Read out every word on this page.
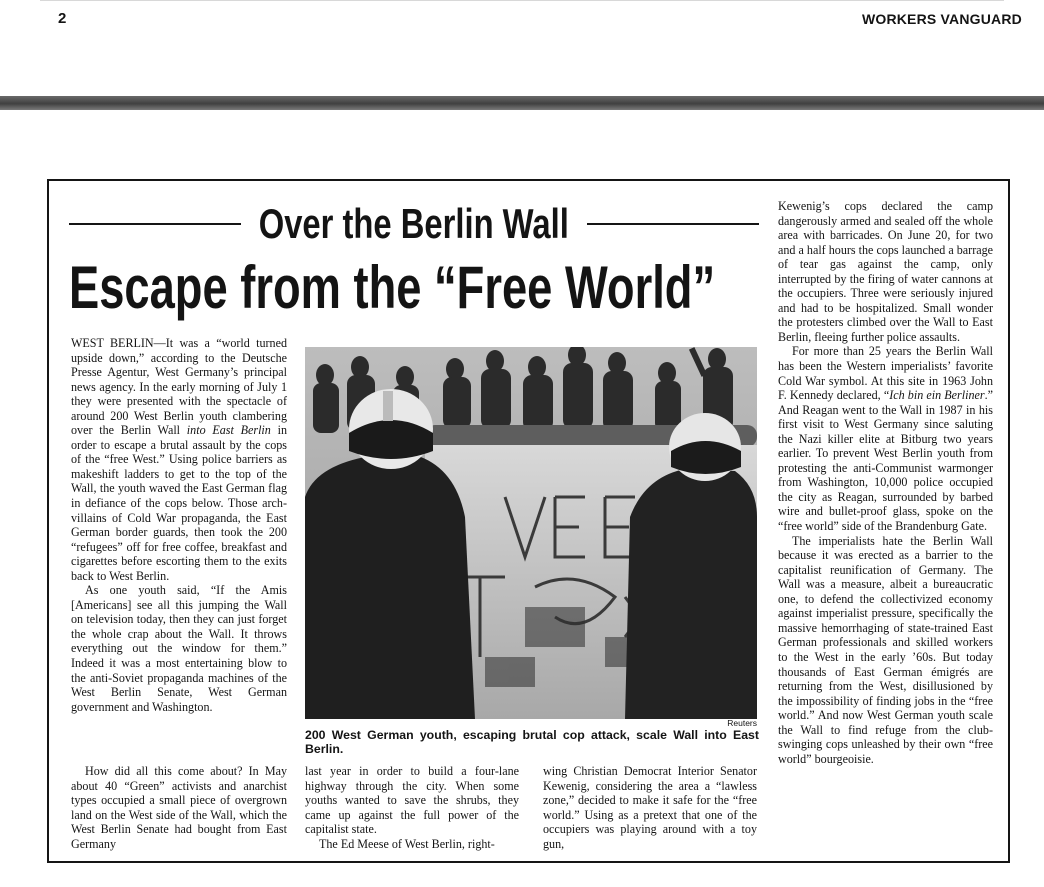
2	WORKERS VANGUARD
Over the Berlin Wall
Escape from the “Free World”

WEST BERLIN—It was a “world turned upside down,” according to the Deutsche Presse Agentur, West Germany’s principal news agency. In the early morning of July 1 they were presented with the spectacle of around 200 West Berlin youth clambering over the Berlin Wall into East Berlin in order to escape a brutal assault by the cops of the “free West.” Using police barriers as makeshift ladders to get to the top of the Wall, the youth waved the East German flag in defiance of the cops below. Those arch-villains of Cold War propaganda, the East German border guards, then took the 200 “refugees” off for free coffee, breakfast and cigarettes before escorting them to the exits back to West Berlin.

As one youth said, “If the Amis [Americans] see all this jumping the Wall on television today, then they can just forget the whole crap about the Wall. It throws everything out the window for them.” Indeed it was a most entertaining blow to the anti-Soviet propaganda machines of the West Berlin Senate, West German government and Washington.

Reuters
200 West German youth, escaping brutal cop attack, scale Wall into East Berlin.

How did all this come about? In May about 40 “Green” activists and anarchist types occupied a small piece of overgrown land on the West side of the Wall, which the West Berlin Senate had bought from East Germany

last year in order to build a four-lane highway through the city. When some youths wanted to save the shrubs, they came up against the full power of the capitalist state.

The Ed Meese of West Berlin, right-

wing Christian Democrat Interior Senator Kewenig, considering the area a “lawless zone,” decided to make it safe for the “free world.” Using as a pretext that one of the occupiers was playing around with a toy gun,

Kewenig’s cops declared the camp dangerously armed and sealed off the whole area with barricades. On June 20, for two and a half hours the cops launched a barrage of tear gas against the camp, only interrupted by the firing of water cannons at the occupiers. Three were seriously injured and had to be hospitalized. Small wonder the protesters climbed over the Wall to East Berlin, fleeing further police assaults.

For more than 25 years the Berlin Wall has been the Western imperialists’ favorite Cold War symbol. At this site in 1963 John F. Kennedy declared, “Ich bin ein Berliner.” And Reagan went to the Wall in 1987 in his first visit to West Germany since saluting the Nazi killer elite at Bitburg two years earlier. To prevent West Berlin youth from protesting the anti-Communist warmonger from Washington, 10,000 police occupied the city as Reagan, surrounded by barbed wire and bullet-proof glass, spoke on the “free world” side of the Brandenburg Gate.

The imperialists hate the Berlin Wall because it was erected as a barrier to the capitalist reunification of Germany. The Wall was a measure, albeit a bureaucratic one, to defend the collectivized economy against imperialist pressure, specifically the massive hemorrhaging of state-trained East German professionals and skilled workers to the West in the early ’60s. But today thousands of East German émigrés are returning from the West, disillusioned by the impossibility of finding jobs in the “free world.” And now West German youth scale the Wall to find refuge from the club-swinging cops unleashed by their own “free world” bourgeoisie.
